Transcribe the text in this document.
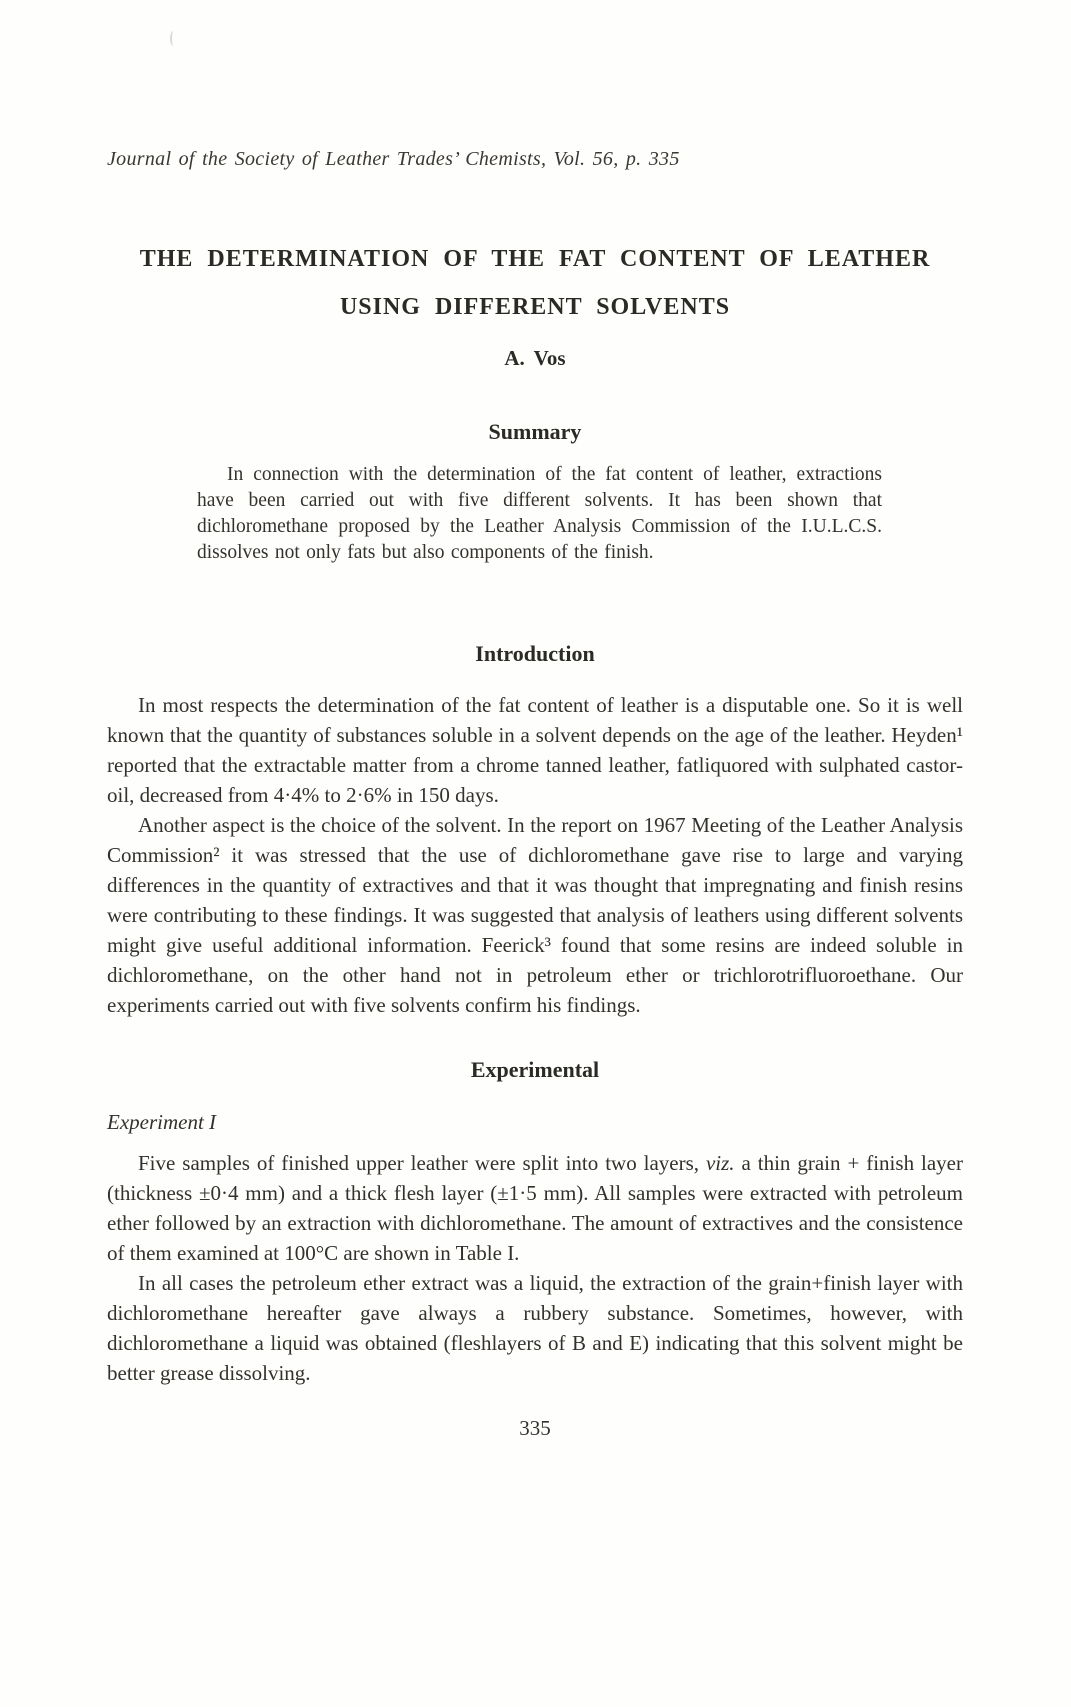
Journal of the Society of Leather Trades’ Chemists, Vol. 56, p. 335
THE DETERMINATION OF THE FAT CONTENT OF LEATHER
USING DIFFERENT SOLVENTS
A. Vos
Summary

In connection with the determination of the fat content of leather, extractions have been carried out with five different solvents. It has been shown that dichloromethane proposed by the Leather Analysis Commission of the I.U.L.C.S. dissolves not only fats but also components of the finish.

Introduction

In most respects the determination of the fat content of leather is a disputable one. So it is well known that the quantity of substances soluble in a solvent depends on the age of the leather. Heyden¹ reported that the extractable matter from a chrome tanned leather, fatliquored with sulphated castor-oil, decreased from 4·4% to 2·6% in 150 days.

Another aspect is the choice of the solvent. In the report on 1967 Meeting of the Leather Analysis Commission² it was stressed that the use of dichloromethane gave rise to large and varying differences in the quantity of extractives and that it was thought that impregnating and finish resins were contributing to these findings. It was suggested that analysis of leathers using different solvents might give useful additional information. Feerick³ found that some resins are indeed soluble in dichloromethane, on the other hand not in petroleum ether or trichlorotrifluoroethane. Our experiments carried out with five solvents confirm his findings.

Experimental
Experiment I

Five samples of finished upper leather were split into two layers, viz. a thin grain + finish layer (thickness ±0·4 mm) and a thick flesh layer (±1·5 mm). All samples were extracted with petroleum ether followed by an extraction with dichloromethane. The amount of extractives and the consistence of them examined at 100°C are shown in Table I.

In all cases the petroleum ether extract was a liquid, the extraction of the grain+finish layer with dichloromethane hereafter gave always a rubbery substance. Sometimes, however, with dichloromethane a liquid was obtained (fleshlayers of B and E) indicating that this solvent might be better grease dissolving.

335
